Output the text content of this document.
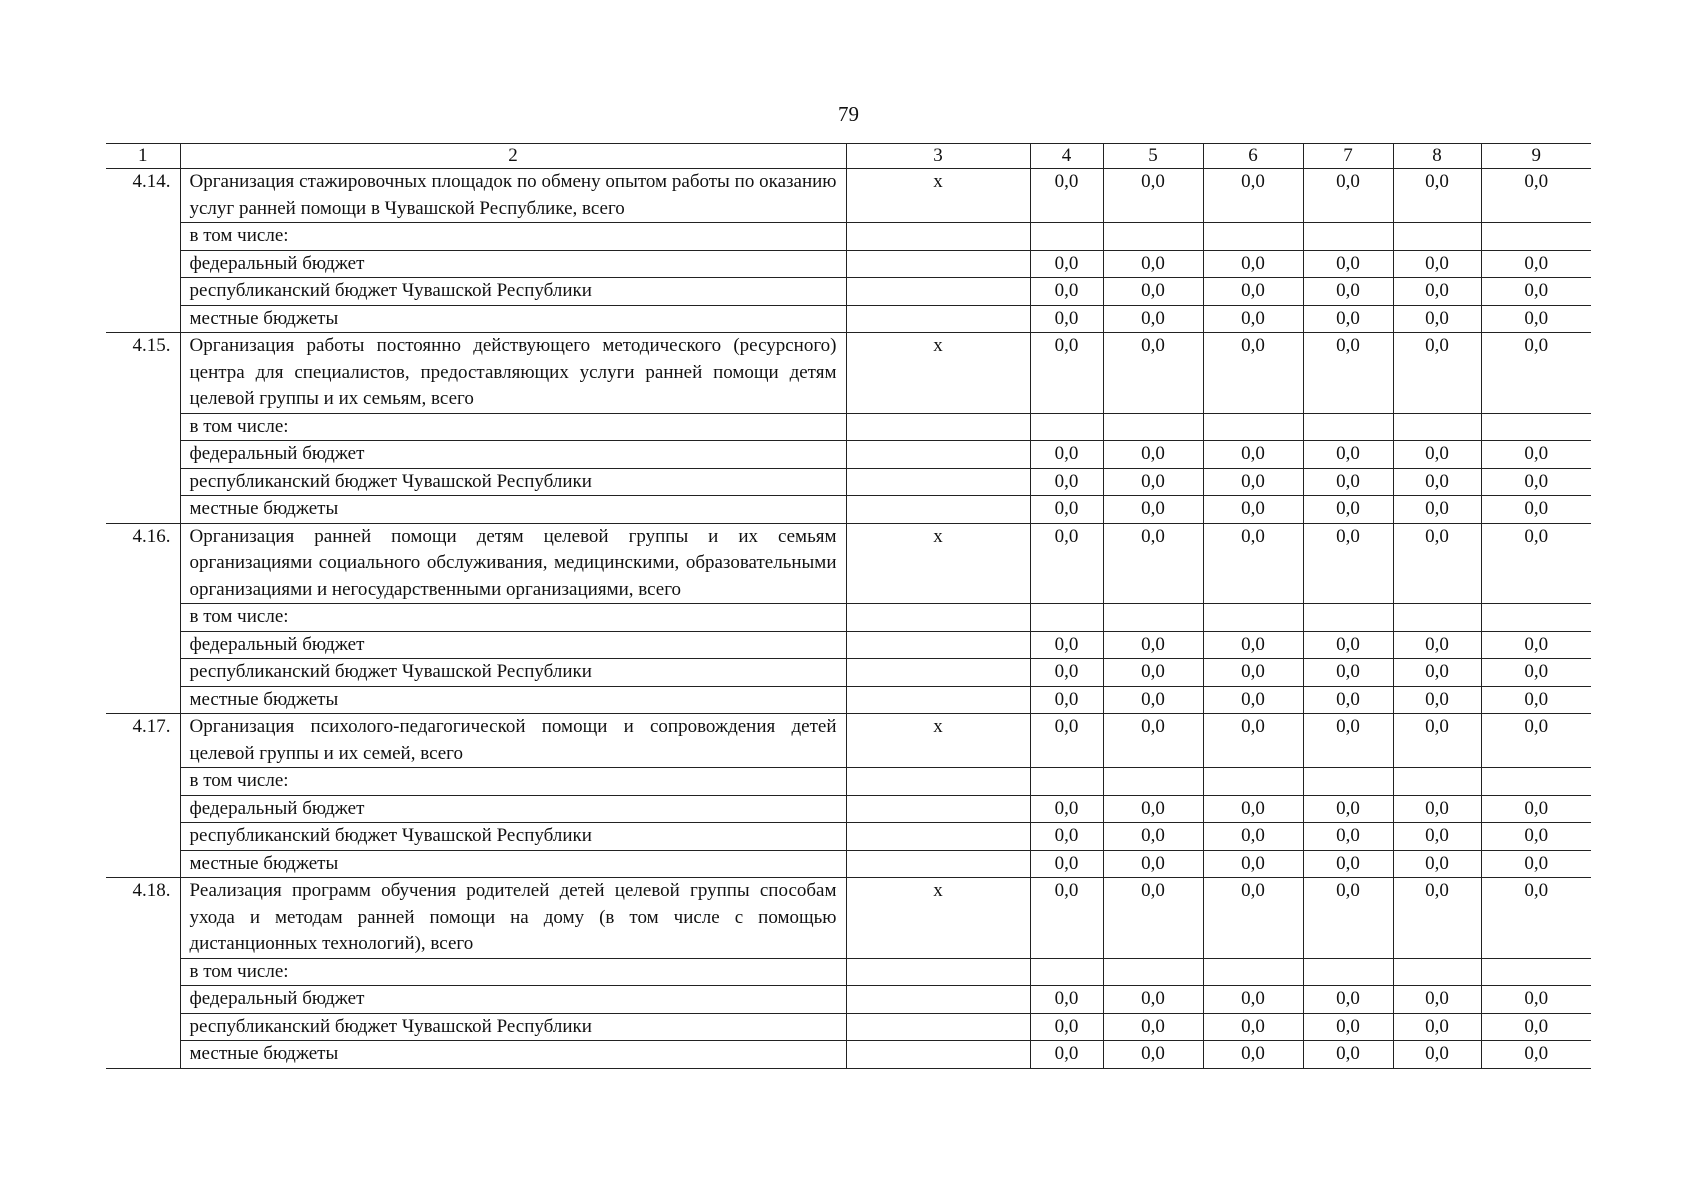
79
1	2	3	4	5	6	7	8	9
4.14.	Организация стажировочных площадок по обмену опытом работы по оказанию услуг ранней помощи в Чувашской Республике, всего	х	0,0	0,0	0,0	0,0	0,0	0,0
	в том числе:							
	федеральный бюджет		0,0	0,0	0,0	0,0	0,0	0,0
	республиканский бюджет Чувашской Республики		0,0	0,0	0,0	0,0	0,0	0,0
	местные бюджеты		0,0	0,0	0,0	0,0	0,0	0,0
4.15.	Организация работы постоянно действующего методического (ресурсного) центра для специалистов, предоставляющих услуги ранней помощи детям целевой группы и их семьям, всего	х	0,0	0,0	0,0	0,0	0,0	0,0
	в том числе:							
	федеральный бюджет		0,0	0,0	0,0	0,0	0,0	0,0
	республиканский бюджет Чувашской Республики		0,0	0,0	0,0	0,0	0,0	0,0
	местные бюджеты		0,0	0,0	0,0	0,0	0,0	0,0
4.16.	Организация ранней помощи детям целевой группы и их семьям организациями социального обслуживания, медицинскими, образовательными организациями и негосударственными организациями, всего	х	0,0	0,0	0,0	0,0	0,0	0,0
	в том числе:							
	федеральный бюджет		0,0	0,0	0,0	0,0	0,0	0,0
	республиканский бюджет Чувашской Республики		0,0	0,0	0,0	0,0	0,0	0,0
	местные бюджеты		0,0	0,0	0,0	0,0	0,0	0,0
4.17.	Организация психолого-педагогической помощи и сопровождения детей целевой группы и их семей, всего	х	0,0	0,0	0,0	0,0	0,0	0,0
	в том числе:							
	федеральный бюджет		0,0	0,0	0,0	0,0	0,0	0,0
	республиканский бюджет Чувашской Республики		0,0	0,0	0,0	0,0	0,0	0,0
	местные бюджеты		0,0	0,0	0,0	0,0	0,0	0,0
4.18.	Реализация программ обучения родителей детей целевой группы способам ухода и методам ранней помощи на дому (в том числе с помощью дистанционных технологий), всего	х	0,0	0,0	0,0	0,0	0,0	0,0
	в том числе:							
	федеральный бюджет		0,0	0,0	0,0	0,0	0,0	0,0
	республиканский бюджет Чувашской Республики		0,0	0,0	0,0	0,0	0,0	0,0
	местные бюджеты		0,0	0,0	0,0	0,0	0,0	0,0
